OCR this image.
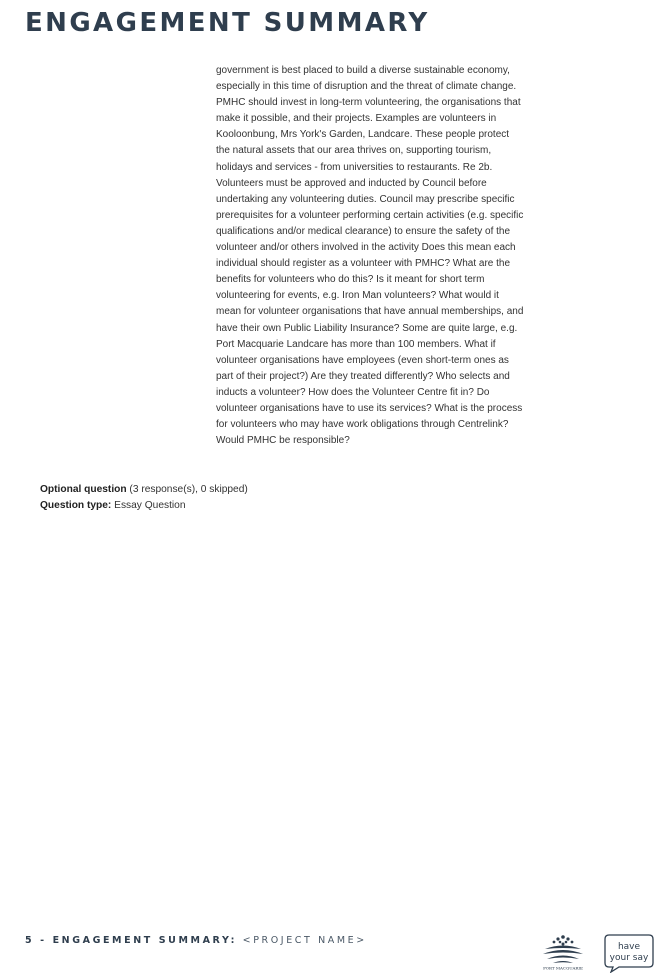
ENGAGEMENT SUMMARY
government is best placed to build a diverse sustainable economy,
especially in this time of disruption and the threat of climate change.
PMHC should invest in long-term volunteering, the organisations that
make it possible, and their projects. Examples are volunteers in
Kooloonbung, Mrs York's Garden, Landcare. These people protect
the natural assets that our area thrives on, supporting tourism,
holidays and services - from universities to restaurants. Re 2b.
Volunteers must be approved and inducted by Council before
undertaking any volunteering duties. Council may prescribe specific
prerequisites for a volunteer performing certain activities (e.g. specific
qualifications and/or medical clearance) to ensure the safety of the
volunteer and/or others involved in the activity Does this mean each
individual should register as a volunteer with PMHC? What are the
benefits for volunteers who do this? Is it meant for short term
volunteering for events, e.g. Iron Man volunteers? What would it
mean for volunteer organisations that have annual memberships, and
have their own Public Liability Insurance? Some are quite large, e.g.
Port Macquarie Landcare has more than 100 members. What if
volunteer organisations have employees (even short-term ones as
part of their project?) Are they treated differently? Who selects and
inducts a volunteer? How does the Volunteer Centre fit in? Do
volunteer organisations have to use its services? What is the process
for volunteers who may have work obligations through Centrelink?
Would PMHC be responsible?
Optional question (3 response(s), 0 skipped)
Question type: Essay Question
5 - ENGAGEMENT SUMMARY: <PROJECT NAME>
PORT MACQUARIE
have
your say
